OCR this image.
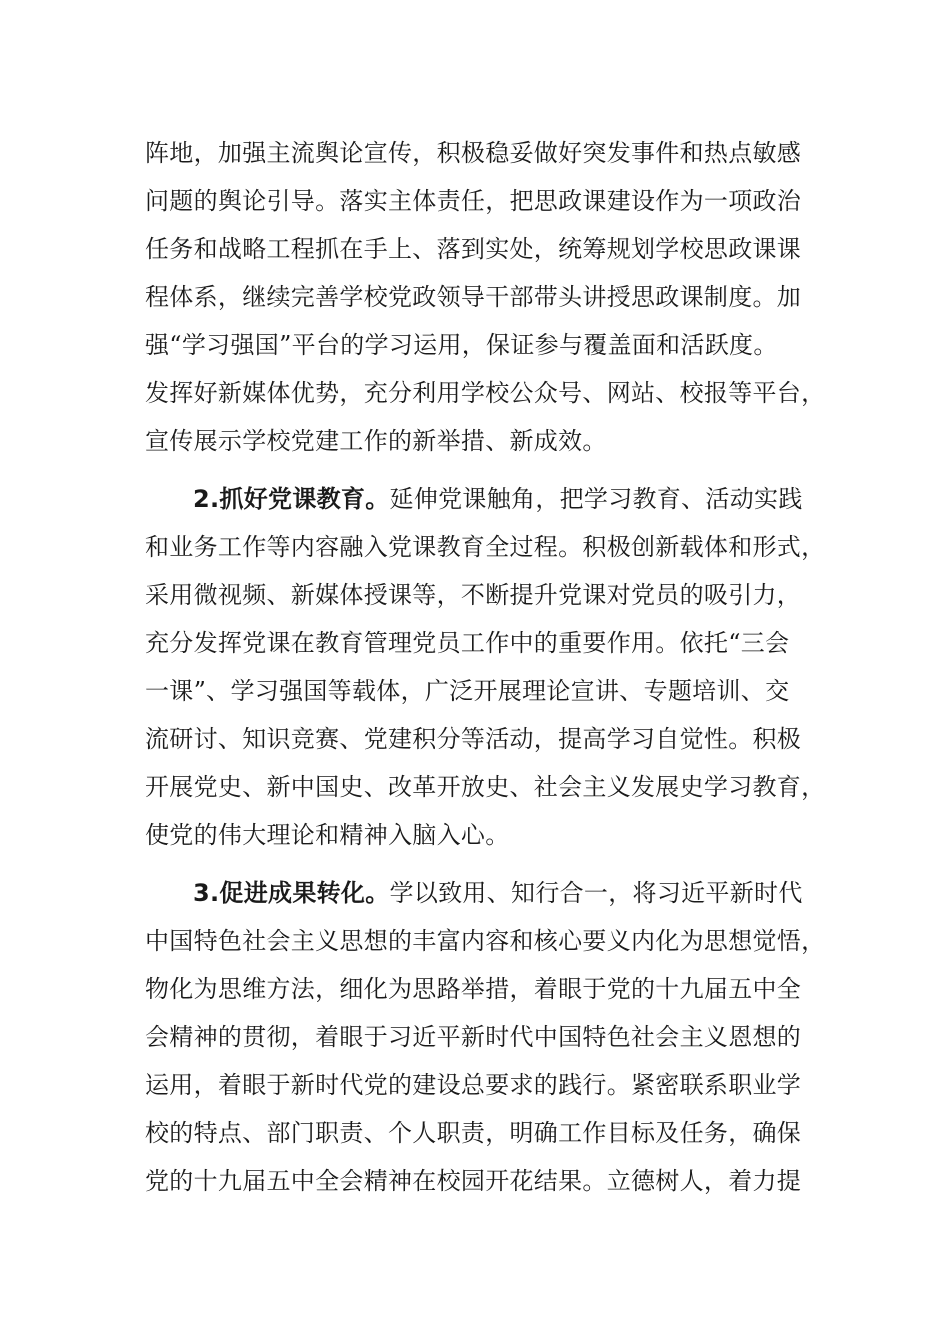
阵地，加强主流舆论宣传，积极稳妥做好突发事件和热点敏感
问题的舆论引导。落实主体责任，把思政课建设作为一项政治
任务和战略工程抓在手上、落到实处，统筹规划学校思政课课
程体系，继续完善学校党政领导干部带头讲授思政课制度。加
强“学习强国”平台的学习运用，保证参与覆盖面和活跃度。
发挥好新媒体优势，充分利用学校公众号、网站、校报等平台，
宣传展示学校党建工作的新举措、新成效。
2.抓好党课教育。延伸党课触角，把学习教育、活动实践
和业务工作等内容融入党课教育全过程。积极创新载体和形式，
采用微视频、新媒体授课等，不断提升党课对党员的吸引力，
充分发挥党课在教育管理党员工作中的重要作用。依托“三会
一课”、学习强国等载体，广泛开展理论宣讲、专题培训、交
流研讨、知识竞赛、党建积分等活动，提高学习自觉性。积极
开展党史、新中国史、改革开放史、社会主义发展史学习教育，
使党的伟大理论和精神入脑入心。
3.促进成果转化。学以致用、知行合一，将习近平新时代
中国特色社会主义思想的丰富内容和核心要义内化为思想觉悟，
物化为思维方法，细化为思路举措，着眼于党的十九届五中全
会精神的贯彻，着眼于习近平新时代中国特色社会主义恩想的
运用，着眼于新时代党的建设总要求的践行。紧密联系职业学
校的特点、部门职责、个人职责，明确工作目标及任务，确保
党的十九届五中全会精神在校园开花结果。立德树人，着力提
